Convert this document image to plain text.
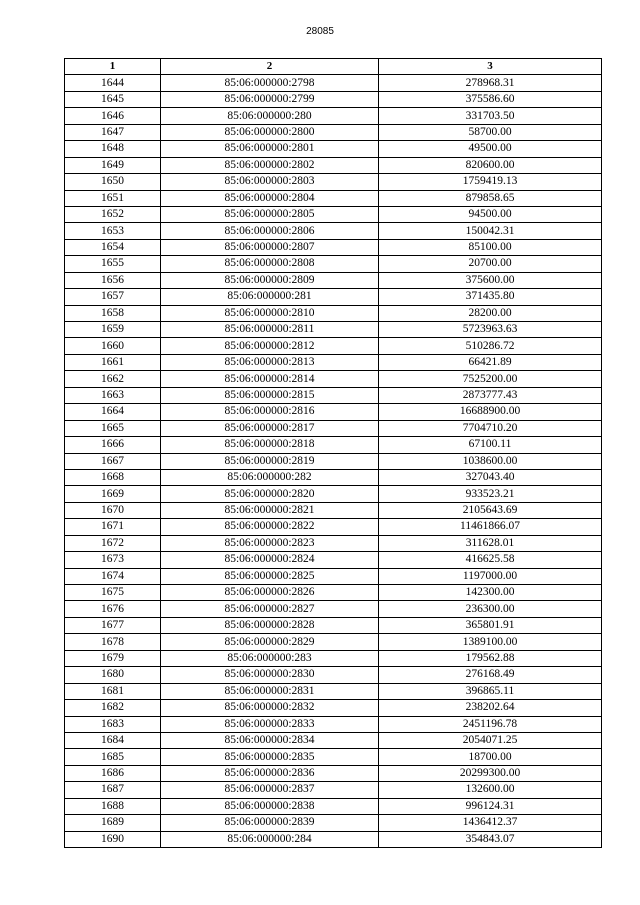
28085
1	2	3
1644	85:06:000000:2798	278968.31
1645	85:06:000000:2799	375586.60
1646	85:06:000000:280	331703.50
1647	85:06:000000:2800	58700.00
1648	85:06:000000:2801	49500.00
1649	85:06:000000:2802	820600.00
1650	85:06:000000:2803	1759419.13
1651	85:06:000000:2804	879858.65
1652	85:06:000000:2805	94500.00
1653	85:06:000000:2806	150042.31
1654	85:06:000000:2807	85100.00
1655	85:06:000000:2808	20700.00
1656	85:06:000000:2809	375600.00
1657	85:06:000000:281	371435.80
1658	85:06:000000:2810	28200.00
1659	85:06:000000:2811	5723963.63
1660	85:06:000000:2812	510286.72
1661	85:06:000000:2813	66421.89
1662	85:06:000000:2814	7525200.00
1663	85:06:000000:2815	2873777.43
1664	85:06:000000:2816	16688900.00
1665	85:06:000000:2817	7704710.20
1666	85:06:000000:2818	67100.11
1667	85:06:000000:2819	1038600.00
1668	85:06:000000:282	327043.40
1669	85:06:000000:2820	933523.21
1670	85:06:000000:2821	2105643.69
1671	85:06:000000:2822	11461866.07
1672	85:06:000000:2823	311628.01
1673	85:06:000000:2824	416625.58
1674	85:06:000000:2825	1197000.00
1675	85:06:000000:2826	142300.00
1676	85:06:000000:2827	236300.00
1677	85:06:000000:2828	365801.91
1678	85:06:000000:2829	1389100.00
1679	85:06:000000:283	179562.88
1680	85:06:000000:2830	276168.49
1681	85:06:000000:2831	396865.11
1682	85:06:000000:2832	238202.64
1683	85:06:000000:2833	2451196.78
1684	85:06:000000:2834	2054071.25
1685	85:06:000000:2835	18700.00
1686	85:06:000000:2836	20299300.00
1687	85:06:000000:2837	132600.00
1688	85:06:000000:2838	996124.31
1689	85:06:000000:2839	1436412.37
1690	85:06:000000:284	354843.07
